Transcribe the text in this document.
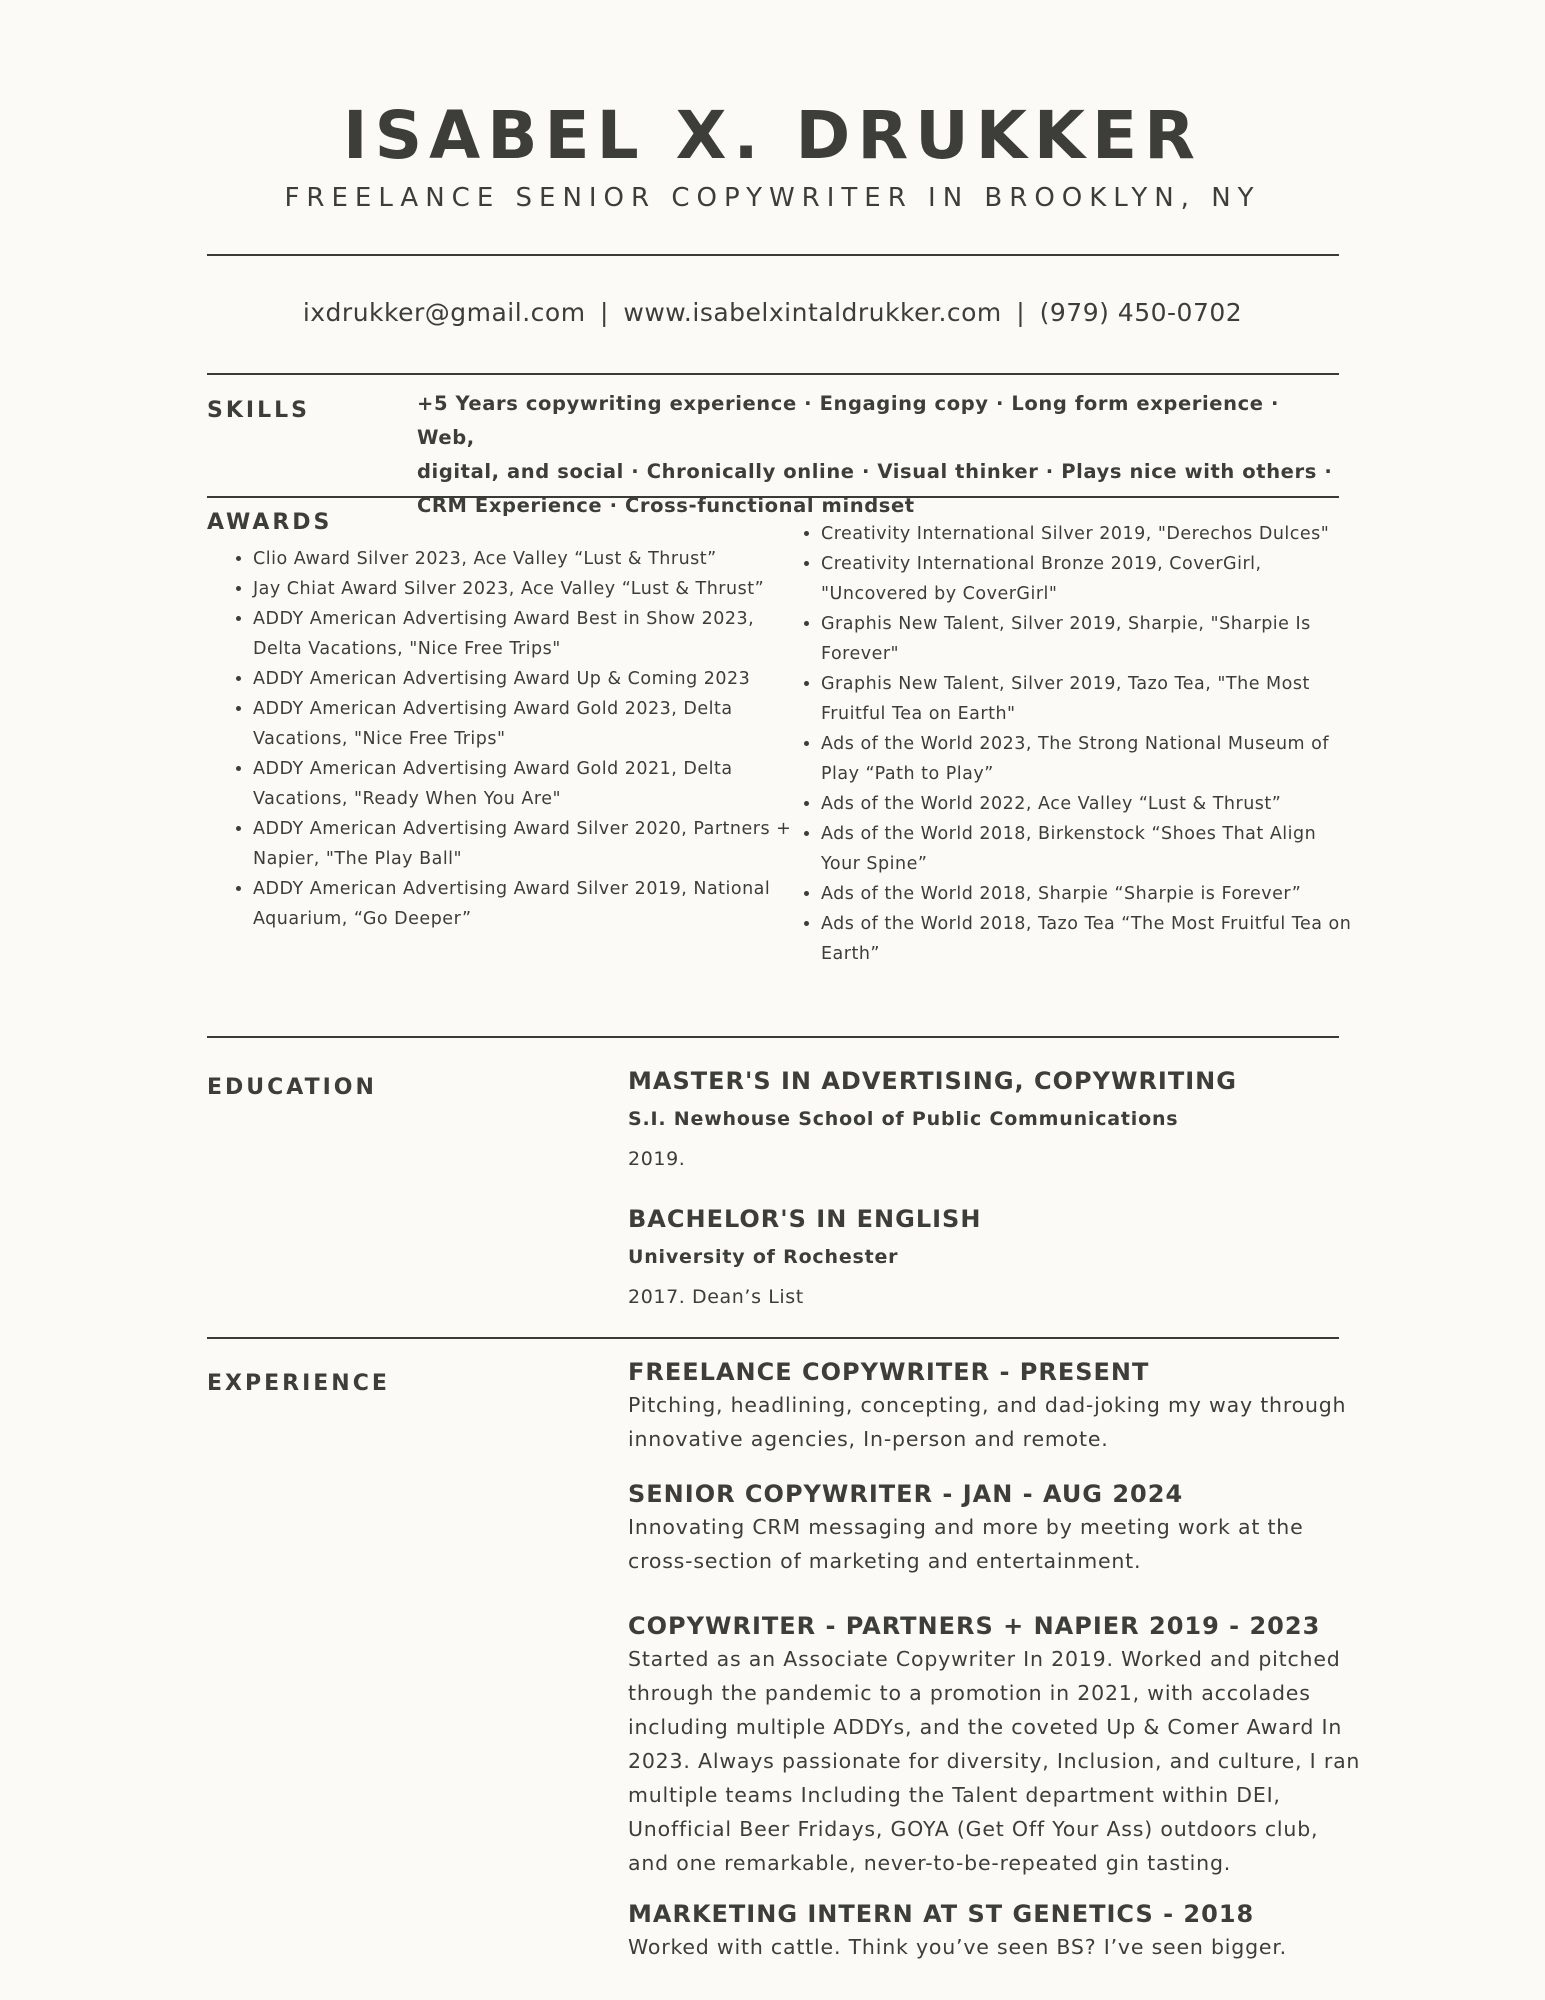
ISABEL X. DRUKKER
FREELANCE SENIOR COPYWRITER IN BROOKLYN, NY
ixdrukker@gmail.com | www.isabelxintaldrukker.com | (979) 450-0702
SKILLS	+5 Years copywriting experience · Engaging copy · Long form experience · Web,
digital, and social · Chronically online · Visual thinker · Plays nice with others ·
CRM Experience · Cross-functional mindset
AWARDS
• Clio Award Silver 2023, Ace Valley “Lust & Thrust”
• Jay Chiat Award Silver 2023, Ace Valley “Lust & Thrust”
• ADDY American Advertising Award Best in Show 2023, Delta Vacations, "Nice Free Trips"
• ADDY American Advertising Award Up & Coming 2023
• ADDY American Advertising Award Gold 2023, Delta Vacations, "Nice Free Trips"
• ADDY American Advertising Award Gold 2021, Delta Vacations, "Ready When You Are"
• ADDY American Advertising Award Silver 2020, Partners + Napier, "The Play Ball"
• ADDY American Advertising Award Silver 2019, National Aquarium, “Go Deeper”
• Creativity International Silver 2019, "Derechos Dulces"
• Creativity International Bronze 2019, CoverGirl, "Uncovered by CoverGirl"
• Graphis New Talent, Silver 2019, Sharpie, "Sharpie Is Forever"
• Graphis New Talent, Silver 2019, Tazo Tea, "The Most Fruitful Tea on Earth"
• Ads of the World 2023, The Strong National Museum of Play “Path to Play”
• Ads of the World 2022, Ace Valley “Lust & Thrust”
• Ads of the World 2018, Birkenstock “Shoes That Align Your Spine”
• Ads of the World 2018, Sharpie “Sharpie is Forever”
• Ads of the World 2018, Tazo Tea “The Most Fruitful Tea on Earth”
EDUCATION	MASTER'S IN ADVERTISING, COPYWRITING
S.I. Newhouse School of Public Communications
2019.
BACHELOR'S IN ENGLISH
University of Rochester
2017. Dean’s List
EXPERIENCE	FREELANCE COPYWRITER - PRESENT
Pitching, headlining, concepting, and dad-joking my way through
innovative agencies, In-person and remote.
SENIOR COPYWRITER - JAN - AUG 2024
Innovating CRM messaging and more by meeting work at the
cross-section of marketing and entertainment.
COPYWRITER - PARTNERS + NAPIER 2019 - 2023
Started as an Associate Copywriter In 2019. Worked and pitched
through the pandemic to a promotion in 2021, with accolades
including multiple ADDYs, and the coveted Up & Comer Award In
2023. Always passionate for diversity, Inclusion, and culture, I ran
multiple teams Including the Talent department within DEI,
Unofficial Beer Fridays, GOYA (Get Off Your Ass) outdoors club,
and one remarkable, never-to-be-repeated gin tasting.
MARKETING INTERN AT ST GENETICS - 2018
Worked with cattle. Think you’ve seen BS? I’ve seen bigger.
